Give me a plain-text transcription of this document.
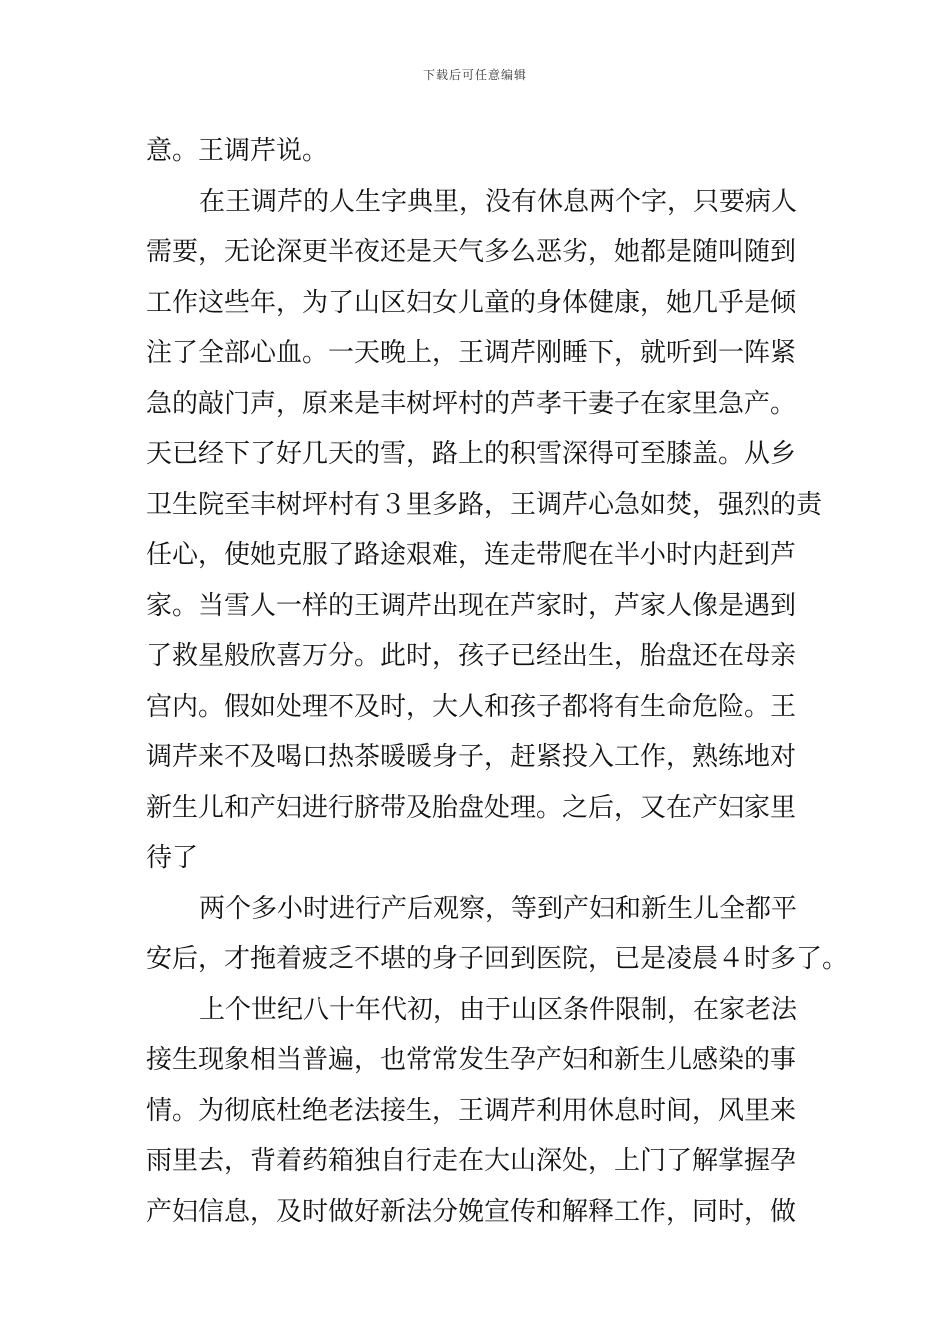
下载后可任意编辑
意。王调芹说。
在王调芹的人生字典里，没有休息两个字，只要病人
需要，无论深更半夜还是天气多么恶劣，她都是随叫随到
工作这些年，为了山区妇女儿童的身体健康，她几乎是倾
注了全部心血。一天晚上，王调芹刚睡下，就听到一阵紧
急的敲门声，原来是丰树坪村的芦孝干妻子在家里急产。
天已经下了好几天的雪，路上的积雪深得可至膝盖。从乡
卫生院至丰树坪村有３里多路，王调芹心急如焚，强烈的责
任心，使她克服了路途艰难，连走带爬在半小时内赶到芦
家。当雪人一样的王调芹出现在芦家时，芦家人像是遇到
了救星般欣喜万分。此时，孩子已经出生，胎盘还在母亲
宫内。假如处理不及时，大人和孩子都将有生命危险。王
调芹来不及喝口热茶暖暖身子，赶紧投入工作，熟练地对
新生儿和产妇进行脐带及胎盘处理。之后，又在产妇家里
待了
两个多小时进行产后观察，等到产妇和新生儿全都平
安后，才拖着疲乏不堪的身子回到医院，已是凌晨４时多了。
上个世纪八十年代初，由于山区条件限制，在家老法
接生现象相当普遍，也常常发生孕产妇和新生儿感染的事
情。为彻底杜绝老法接生，王调芹利用休息时间，风里来
雨里去，背着药箱独自行走在大山深处，上门了解掌握孕
产妇信息，及时做好新法分娩宣传和解释工作，同时，做
